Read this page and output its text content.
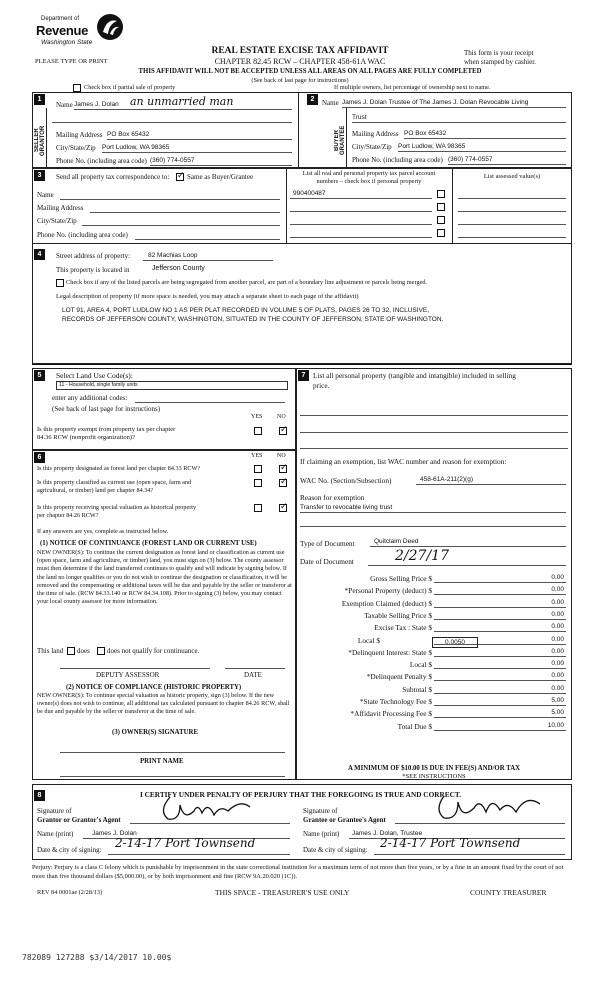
Department of
Revenue
Washington State
PLEASE TYPE OR PRINT
REAL ESTATE EXCISE TAX AFFIDAVIT
CHAPTER 82.45 RCW – CHAPTER 458-61A WAC
This form is your receipt
when stamped by cashier.
THIS AFFIDAVIT WILL NOT BE ACCEPTED UNLESS ALL AREAS ON ALL PAGES ARE FULLY COMPLETED
(See back of last page for instructions)
Check box if partial sale of property	If multiple owners, list percentage of ownership next to name.
1	2
SELLER GRANTOR	BUYER GRANTEE
Name James J. Dolan an unmarried man
Mailing Address PO Box 65432
City/State/Zip Port Ludlow, WA 98365
Phone No. (including area code) (360) 774-0557
Name James J. Dolan Trustee of The James J. Dolan Revocable Living
Trust
Mailing Address PO Box 65432
City/State/Zip Port Ludlow, WA 98365
Phone No. (including area code) (360) 774-0557
3	Send all property tax correspondence to:
✓	Same as Buyer/Grantee
Name
Mailing Address
City/State/Zip
Phone No. (including area code)
List all real and personal property tax parcel account
numbers – check box if personal property
List assessed value(s)
990400487
4	Street address of property:	82 Machias Loop
This property is located in	Jefferson County
Check box if any of the listed parcels are being segregated from another parcel, are part of a boundary line adjustment or parcels being merged.
Legal description of property (if more space is needed, you may attach a separate sheet to each page of the affidavit)
LOT 91, AREA 4, PORT LUDLOW NO 1 AS PER PLAT RECORDED IN VOLUME 5 OF PLATS, PAGES 26 TO 32, INCLUSIVE,
RECORDS OF JEFFERSON COUNTY, WASHINGTON, SITUATED IN THE COUNTY OF JEFFERSON, STATE OF WASHINGTON.
5	Select Land Use Code(s):
11 - Household, single family units
enter any additional codes:
(See back of last page for instructions)
YES NO
Is this property exempt from property tax per chapter
84.36 RCW (nonprofit organization)?
✓
6	YES NO
Is this property designated as forest land per chapter 84.33 RCW?
✓
Is this property classified as current use (open space, farm and
agricultural, or timber) land per chapter 84.34?
✓
Is this property receiving special valuation as historical property
per chapter 84.26 RCW?
✓
If any answers are yes, complete as instructed below.
(1) NOTICE OF CONTINUANCE (FOREST LAND OR CURRENT USE)
NEW OWNER(S): To continue the current designation as forest land or classification as current use (open space, farm and agriculture, or timber) land, you must sign on (3) below. The county assessor must then determine if the land transferred continues to qualify and will indicate by signing below. If the land no longer qualifies or you do not wish to continue the designation or classification, it will be removed and the compensating or additional taxes will be due and payable by the seller or transferor at the time of sale. (RCW 84.33.140 or RCW 84.34.108). Prior to signing (3) below, you may contact your local county assessor for more information.
This land does does not qualify for continuance.
DEPUTY ASSESSOR	DATE
(2) NOTICE OF COMPLIANCE (HISTORIC PROPERTY)
NEW OWNER(S): To continue special valuation as historic property, sign (3) below. If the new owner(s) does not wish to continue, all additional tax calculated pursuant to chapter 84.26 RCW, shall be due and payable by the seller or transferor at the time of sale.
(3) OWNER(S) SIGNATURE
PRINT NAME
7	List all personal property (tangible and intangible) included in selling
price.
If claiming an exemption, list WAC number and reason for exemption:
WAC No. (Section/Subsection)	458-61A-211(2)(g)
Reason for exemption
Transfer to revocable living trust
Type of Document	Quitclaim Deed
Date of Document	2/27/17
Gross Selling Price $	0.00
*Personal Property (deduct) $	0.00
Exemption Claimed (deduct) $	0.00
Taxable Selling Price $	0.00
Excise Tax : State $	0.00
Local $	0.00
*Delinquent Interest: State $	0.00
Local $	0.00
*Delinquent Penalty $	0.00
Subtotal $	0.00
*State Technology Fee $	5.00
*Affidavit Processing Fee $	5.00
Total Due $	10.00
0.0050
A MINIMUM OF $10.00 IS DUE IN FEE(S) AND/OR TAX
*SEE INSTRUCTIONS
8	I CERTIFY UNDER PENALTY OF PERJURY THAT THE FOREGOING IS TRUE AND CORRECT.
Signature of
Grantor or Grantor's Agent
Signature of
Grantee or Grantee's Agent
Name (print)	James J. Dolan	Name (print) James J. Dolan, Trustee
Date & city of signing: 2-14-17 Port Townsend	Date & city of signing: 2-14-17 Port Townsend
Perjury: Perjury is a class C felony which is punishable by imprisonment in the state correctional institution for a maximum term of not more than five years, or by a fine in an amount fixed by the court of not more than five thousand dollars ($5,000.00), or by both imprisonment and fine (RCW 9A.20.020 (1C)).
REV 84 0001ae (2/28/13)	THIS SPACE - TREASURER'S USE ONLY	COUNTY TREASURER
782089 127288 $3/14/2017 10.00$
